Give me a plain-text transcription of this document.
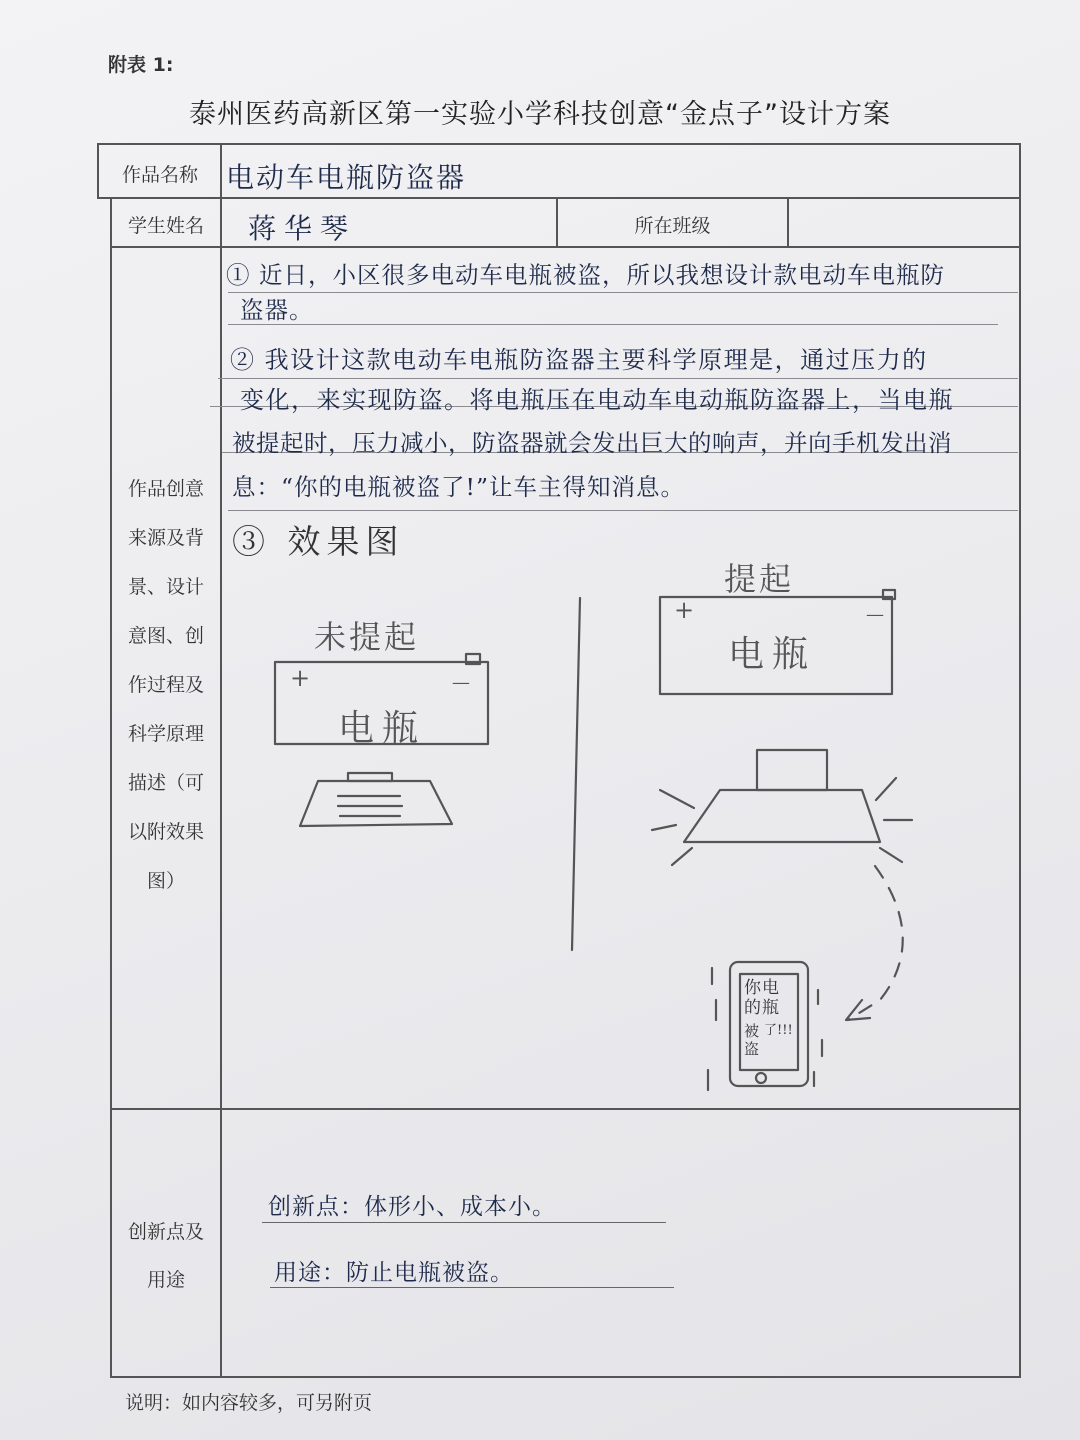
附表 1:
泰州医药高新区第一实验小学科技创意“金点子”设计方案
作品名称	电动车电瓶防盗器
学生姓名	蒋华琴	所在班级
作品创意
来源及背
景、设计
意图、创
作过程及
科学原理
描述（可
以附效果
图）
① 近日，小区很多电动车电瓶被盗，所以我想设计款电动车电瓶防
盗器。
② 我设计这款电动车电瓶防盗器主要科学原理是，通过压力的
变化，来实现防盗。将电瓶压在电动车电动瓶防盗器上，当电瓶
被提起时，压力减小，防盗器就会发出巨大的响声，并向手机发出消
息：“你的电瓶被盗了!”让车主得知消息。
③ 效果图
未提起
电瓶
+	—
提起
电瓶
+	—
你的
电瓶
被盗
了!!!
创新点及
用途
创新点：体形小、成本小。
用途：防止电瓶被盗。
说明：如内容较多，可另附页
